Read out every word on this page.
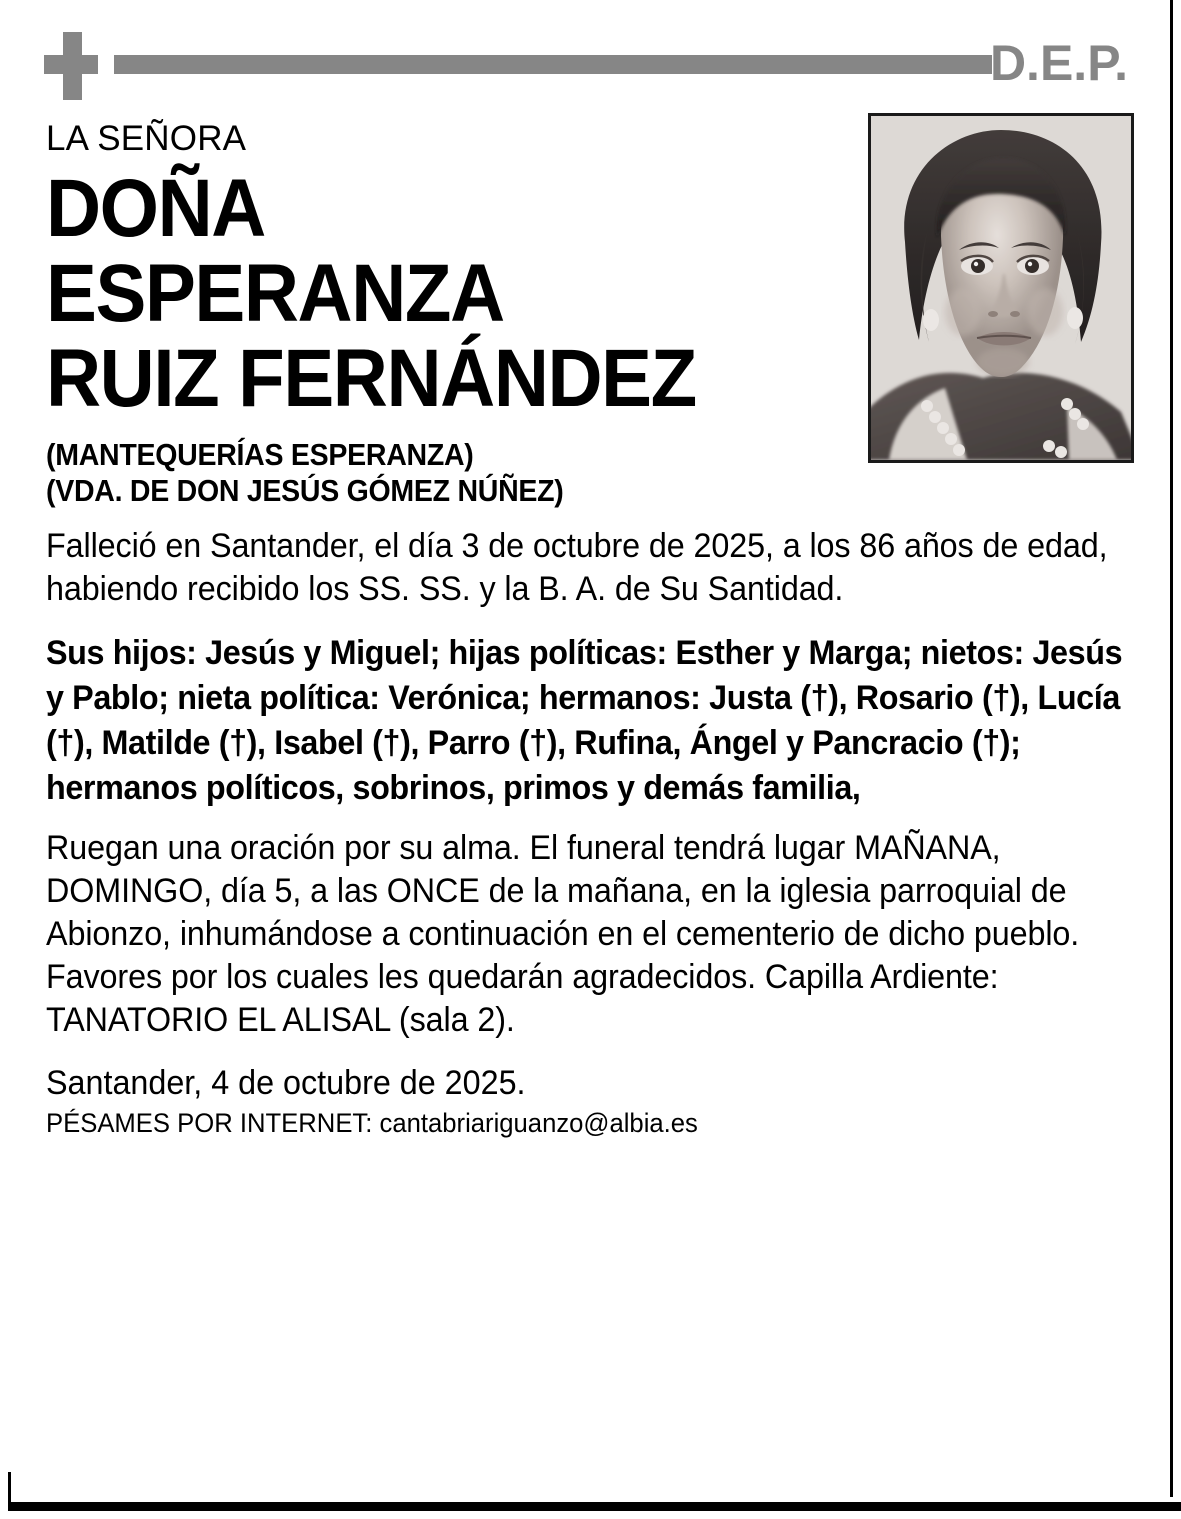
D.E.P.
LA SEÑORA
DOÑA
ESPERANZA
RUIZ FERNÁNDEZ
(MANTEQUERÍAS ESPERANZA)
(VDA. DE DON JESÚS GÓMEZ NÚÑEZ)

Falleció en Santander, el día 3 de octubre de 2025, a los 86 años de edad, habiendo recibido los SS. SS. y la B. A. de Su Santidad.

Sus hijos: Jesús y Miguel; hijas políticas: Esther y Marga; nietos: Jesús y Pablo; nieta política: Verónica; hermanos: Justa (†), Rosario (†), Lucía (†), Matilde (†), Isabel (†), Parro (†), Rufina, Ángel y Pancracio (†); hermanos políticos, sobrinos, primos y demás familia,

Ruegan una oración por su alma. El funeral tendrá lugar MAÑANA, DOMINGO, día 5, a las ONCE de la mañana, en la iglesia parroquial de Abionzo, inhumándose a continuación en el cementerio de dicho pueblo. Favores por los cuales les quedarán agradecidos. Capilla Ardiente: TANATORIO EL ALISAL (sala 2).

Santander, 4 de octubre de 2025.
PÉSAMES POR INTERNET: cantabriariguanzo@albia.es
